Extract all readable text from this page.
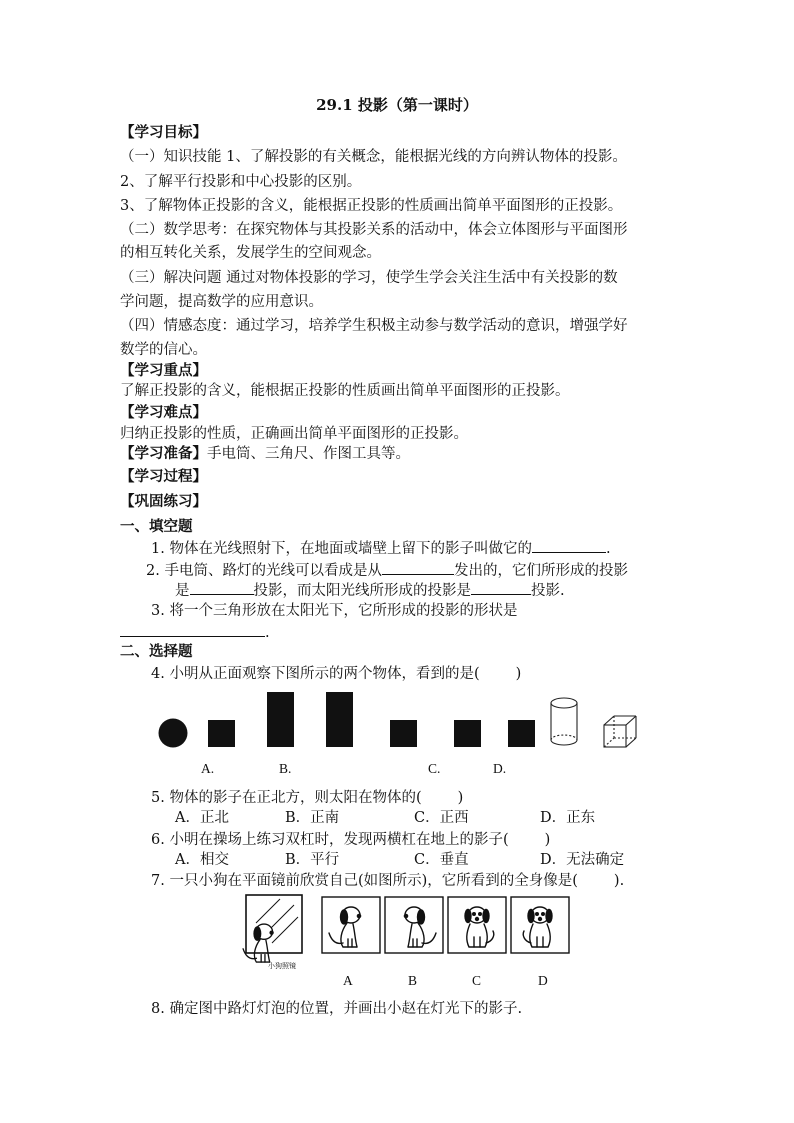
29.1 投影（第一课时）
【学习目标】
（一）知识技能 1、了解投影的有关概念，能根据光线的方向辨认物体的投影。
2、了解平行投影和中心投影的区别。
3、了解物体正投影的含义，能根据正投影的性质画出简单平面图形的正投影。
（二）数学思考：在探究物体与其投影关系的活动中，体会立体图形与平面图形
的相互转化关系，发展学生的空间观念。
（三）解决问题 通过对物体投影的学习，使学生学会关注生活中有关投影的数
学问题，提高数学的应用意识。
（四）情感态度：通过学习，培养学生积极主动参与数学活动的意识，增强学好
数学的信心。
【学习重点】
了解正投影的含义，能根据正投影的性质画出简单平面图形的正投影。
【学习难点】
归纳正投影的性质，正确画出简单平面图形的正投影。
【学习准备】手电筒、三角尺、作图工具等。
【学习过程】
【巩固练习】
一、填空题
1. 物体在光线照射下，在地面或墙壁上留下的影子叫做它的	.
2. 手电筒、路灯的光线可以看成是从	发出的，它们所形成的投影
是	投影，而太阳光线所形成的投影是	投影.
3. 将一个三角形放在太阳光下，它所形成的投影的形状是
.
二、选择题
4. 小明从正面观察下图所示的两个物体，看到的是( )
A.	B.	C.	D.
5. 物体的影子在正北方，则太阳在物体的( )
A．正北	B．正南	C．正西	D．正东
6. 小明在操场上练习双杠时，发现两横杠在地上的影子( )
A．相交	B．平行	C．垂直	D．无法确定
7. 一只小狗在平面镜前欣赏自己(如图所示)，它所看到的全身像是( ).
小狗照镜
A	B	C	D
8. 确定图中路灯灯泡的位置，并画出小赵在灯光下的影子.
